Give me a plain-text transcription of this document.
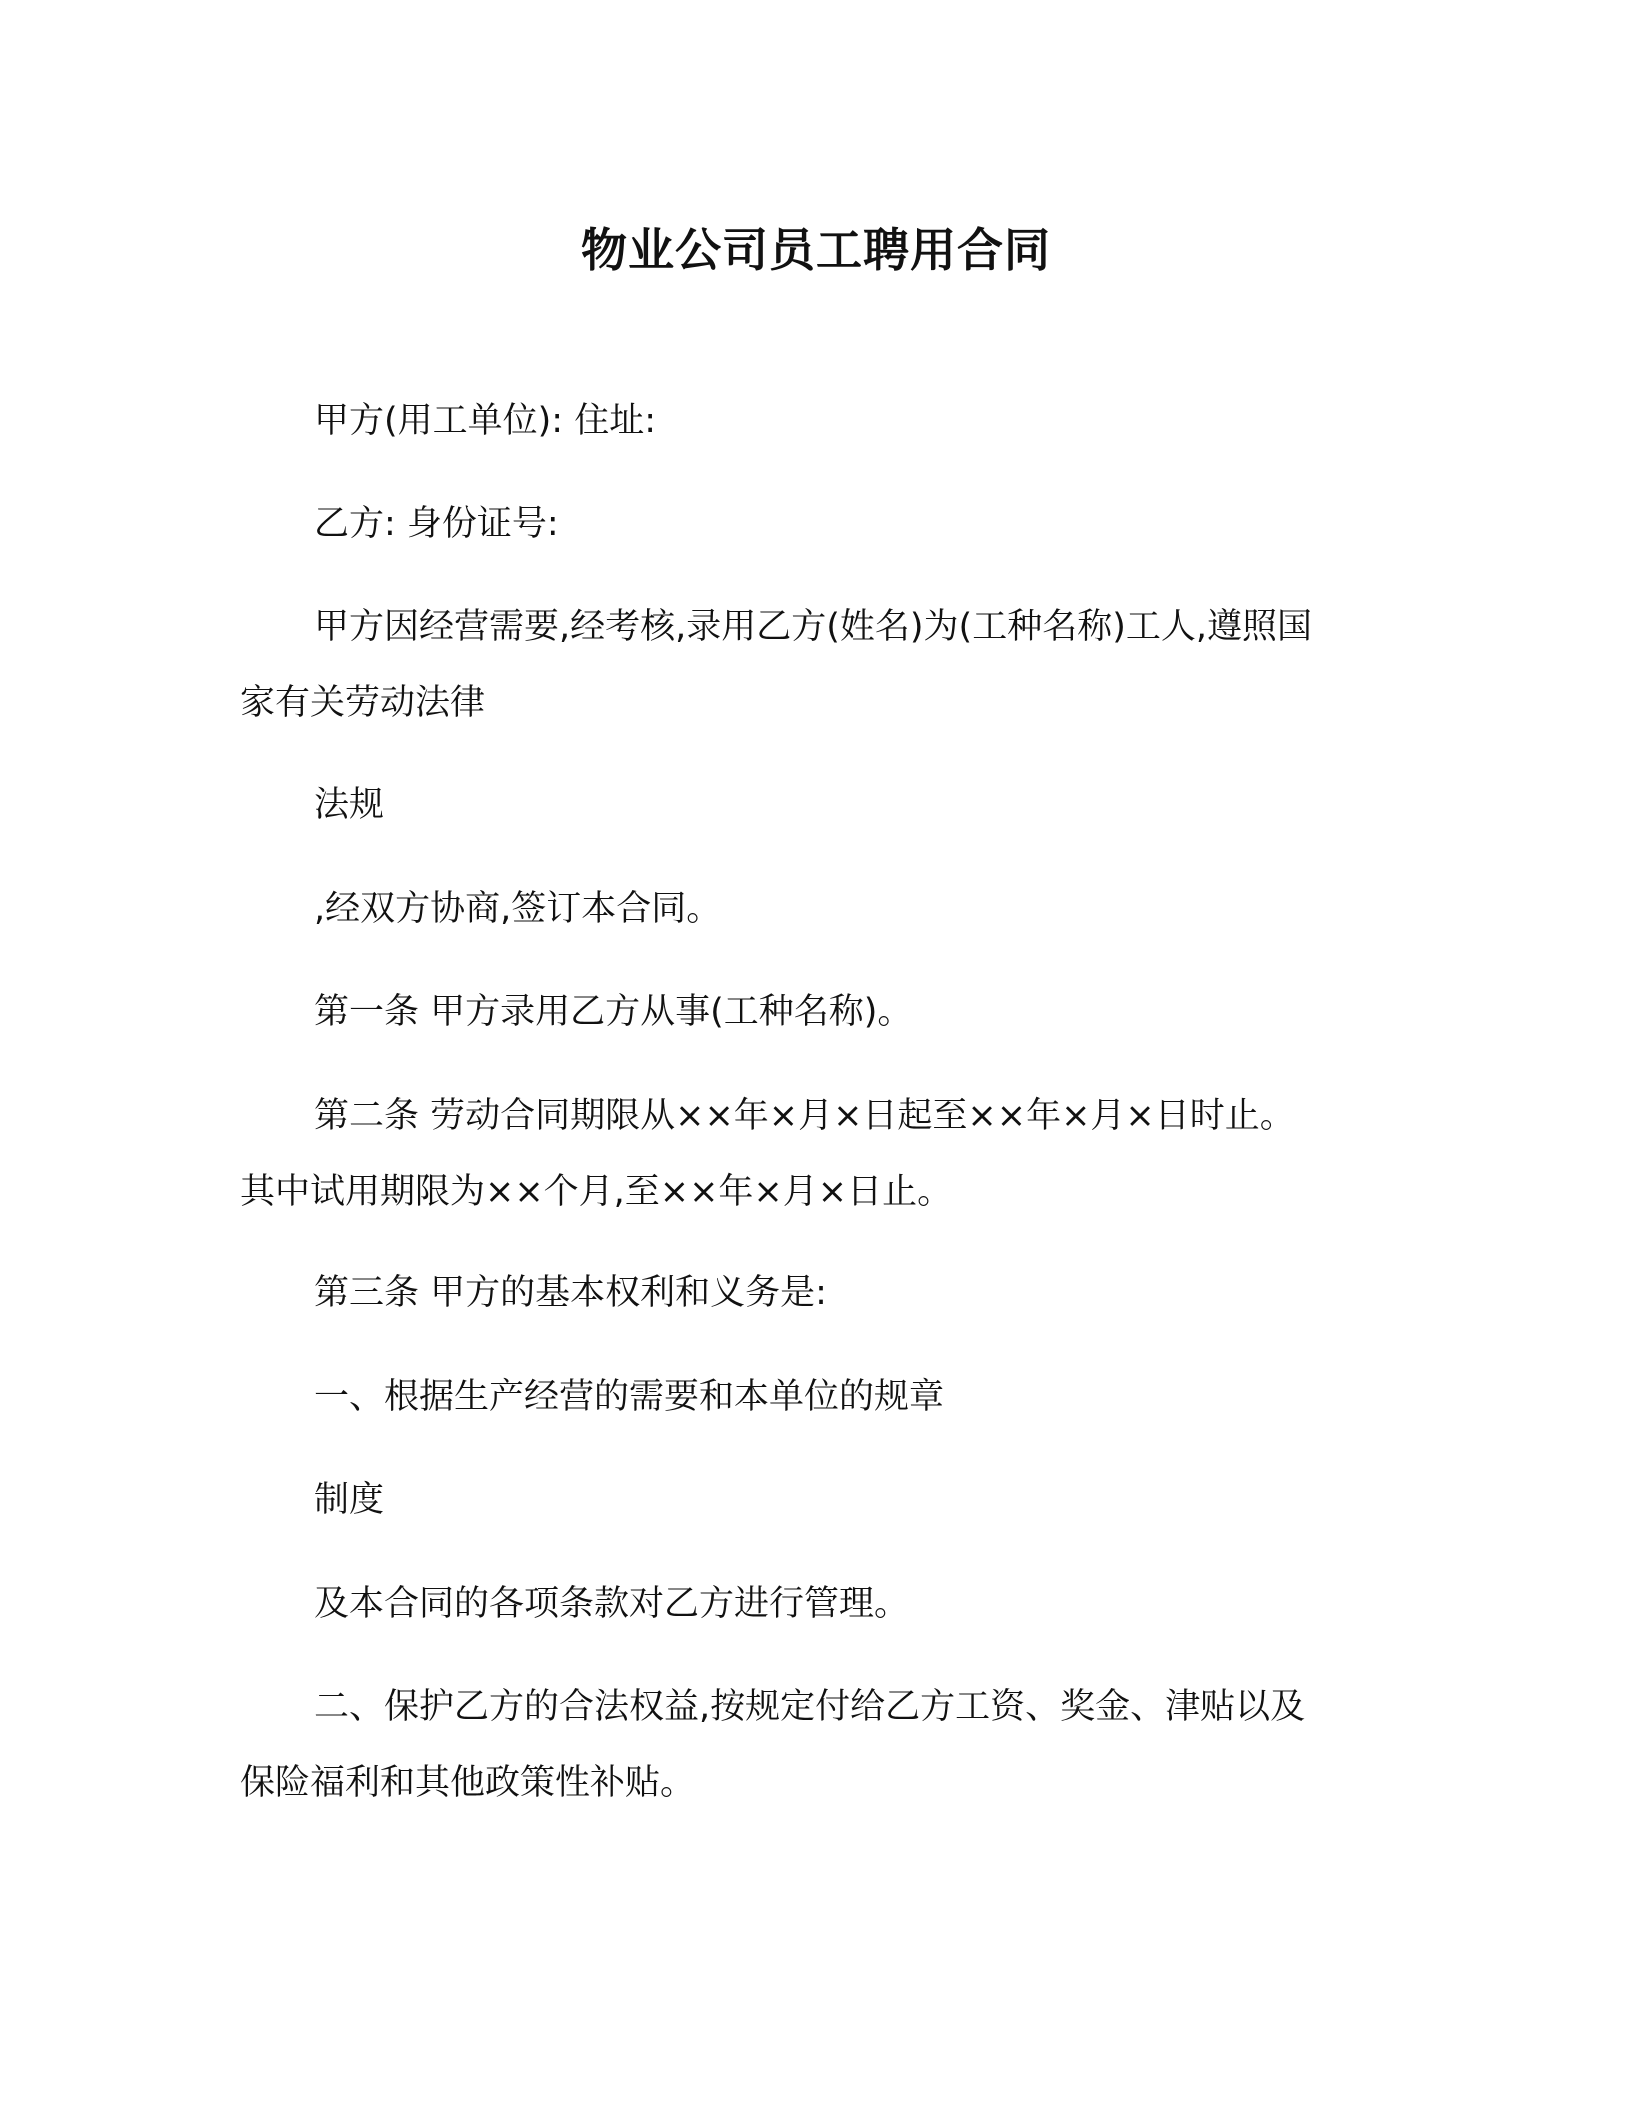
物业公司员工聘用合同
甲方(用工单位): 住址:
乙方: 身份证号:
甲方因经营需要,经考核,录用乙方(姓名)为(工种名称)工人,遵照国
家有关劳动法律
法规
,经双方协商,签订本合同。
第一条 甲方录用乙方从事(工种名称)。
第二条 劳动合同期限从××年×月×日起至××年×月×日时止。
其中试用期限为××个月,至××年×月×日止。
第三条 甲方的基本权利和义务是:
一、根据生产经营的需要和本单位的规章
制度
及本合同的各项条款对乙方进行管理。
二、保护乙方的合法权益,按规定付给乙方工资、奖金、津贴以及
保险福利和其他政策性补贴。
